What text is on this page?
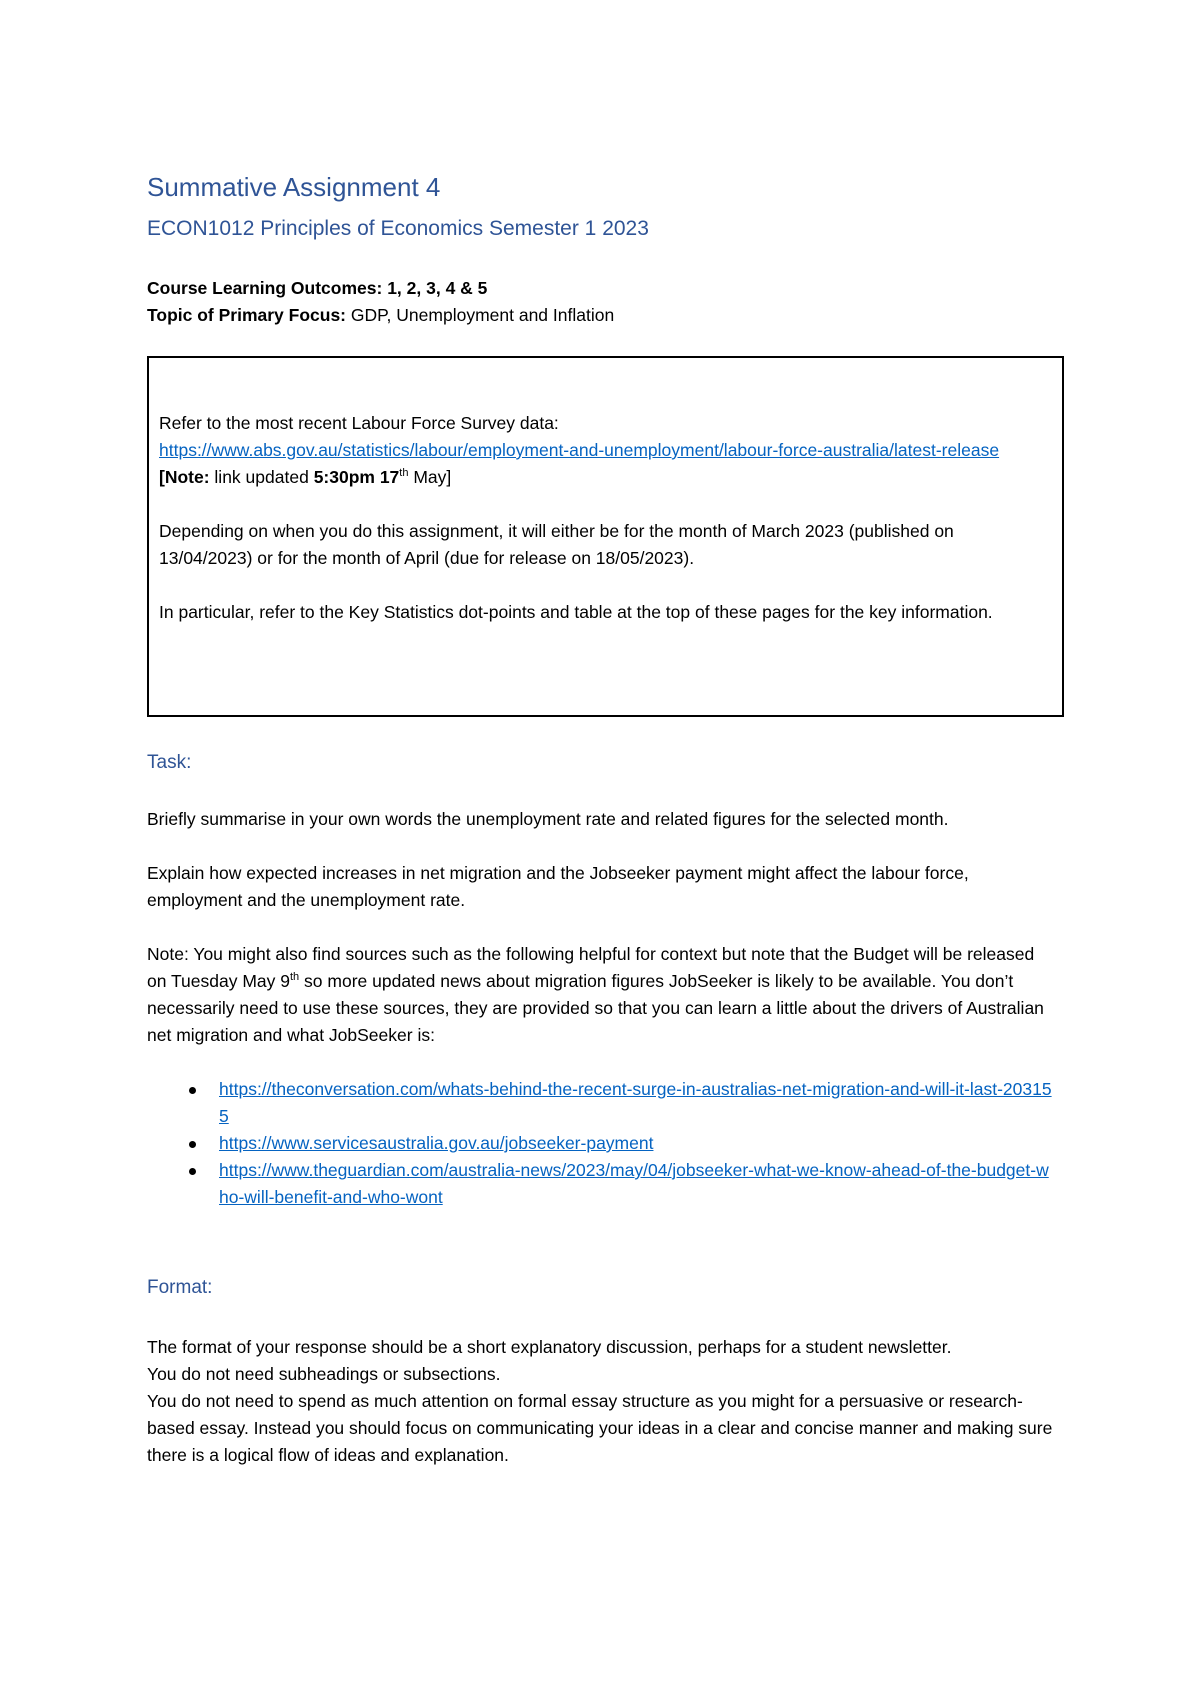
Summative Assignment 4
ECON1012 Principles of Economics Semester 1 2023
Course Learning Outcomes: 1, 2, 3, 4 & 5
Topic of Primary Focus: GDP, Unemployment and Inflation
Refer to the most recent Labour Force Survey data:
https://www.abs.gov.au/statistics/labour/employment-and-unemployment/labour-force-australia/latest-release  [Note: link updated 5:30pm 17th May]
Depending on when you do this assignment, it will either be for the month of March 2023 (published on 13/04/2023) or for the month of April (due for release on 18/05/2023).
In particular, refer to the Key Statistics dot-points and table at the top of these pages for the key information.
Task:

Briefly summarise in your own words the unemployment rate and related figures for the selected month.

Explain how expected increases in net migration and the Jobseeker payment might affect the labour force, employment and the unemployment rate.

Note: You might also find sources such as the following helpful for context but note that the Budget will be released on Tuesday May 9th so more updated news about migration figures JobSeeker is likely to be available. You don’t necessarily need to use these sources, they are provided so that you can learn a little about the drivers of Australian net migration and what JobSeeker is:

https://theconversation.com/whats-behind-the-recent-surge-in-australias-net-migration-and-will-it-last-203155
https://www.servicesaustralia.gov.au/jobseeker-payment
https://www.theguardian.com/australia-news/2023/may/04/jobseeker-what-we-know-ahead-of-the-budget-who-will-benefit-and-who-wont
Format:
The format of your response should be a short explanatory discussion, perhaps for a student newsletter.
You do not need subheadings or subsections.
You do not need to spend as much attention on formal essay structure as you might for a persuasive or research-based essay. Instead you should focus on communicating your ideas in a clear and concise manner and making sure there is a logical flow of ideas and explanation.
